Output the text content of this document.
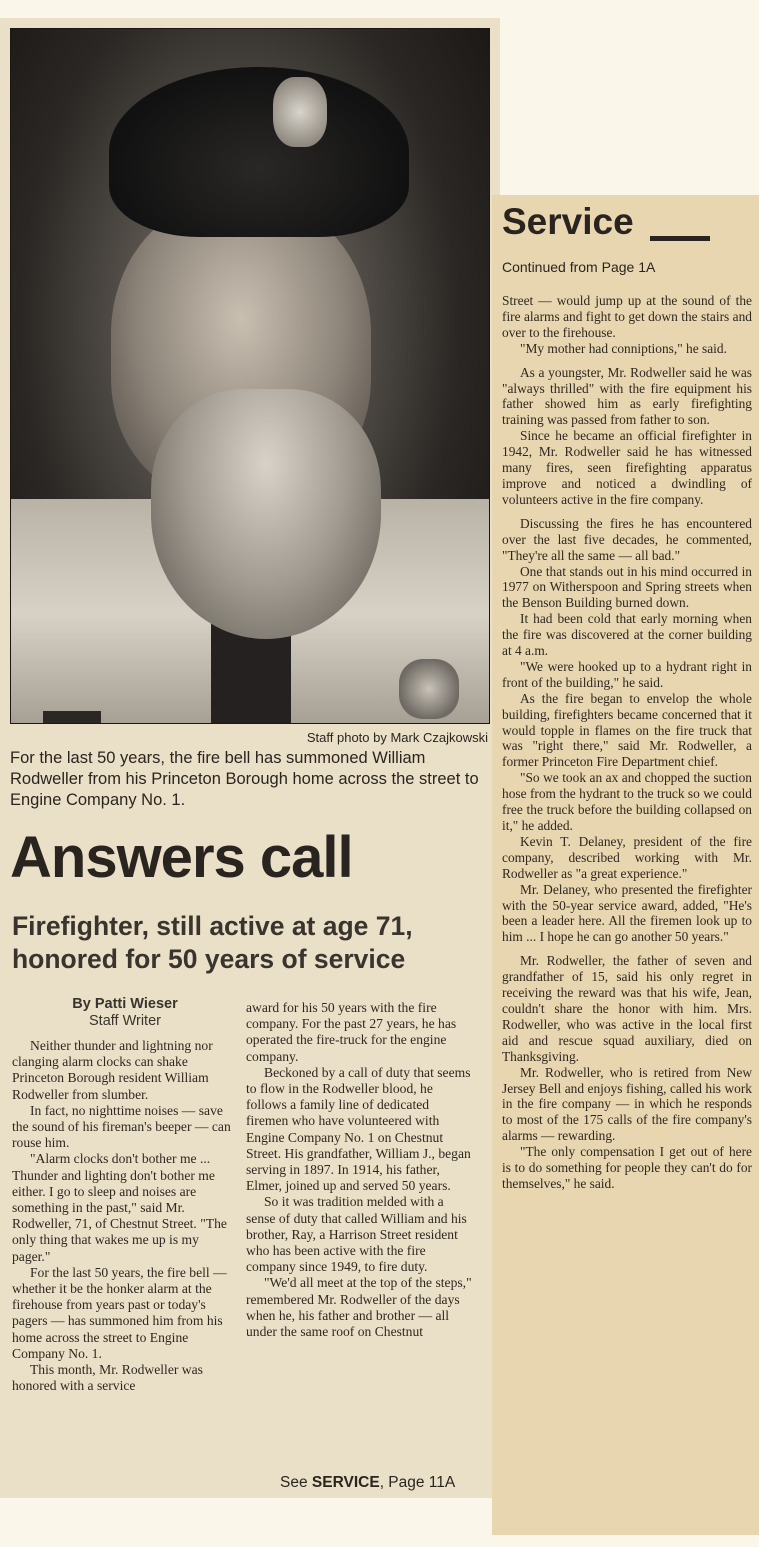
Staff photo by Mark Czajkowski
For the last 50 years, the fire bell has summoned William Rodweller from his Princeton Borough home across the street to Engine Company No. 1.
Answers call
Firefighter, still active at age 71, honored for 50 years of service
By Patti Wieser
Staff Writer

Neither thunder and lightning nor clanging alarm clocks can shake Princeton Borough resident William Rodweller from slumber.

In fact, no nighttime noises — save the sound of his fireman's beeper — can rouse him.

"Alarm clocks don't bother me ... Thunder and lighting don't bother me either. I go to sleep and noises are something in the past," said Mr. Rodweller, 71, of Chestnut Street. "The only thing that wakes me up is my pager."

For the last 50 years, the fire bell — whether it be the honker alarm at the firehouse from years past or today's pagers — has summoned him from his home across the street to Engine Company No. 1.

This month, Mr. Rodweller was honored with a service

award for his 50 years with the fire company. For the past 27 years, he has operated the fire-truck for the engine company.

Beckoned by a call of duty that seems to flow in the Rodweller blood, he follows a family line of dedicated firemen who have volunteered with Engine Company No. 1 on Chestnut Street. His grandfather, William J., began serving in 1897. In 1914, his father, Elmer, joined up and served 50 years.

So it was tradition melded with a sense of duty that called William and his brother, Ray, a Harrison Street resident who has been active with the fire company since 1949, to fire duty.

"We'd all meet at the top of the steps," remembered Mr. Rodweller of the days when he, his father and brother — all under the same roof on Chestnut

See SERVICE, Page 11A
Service
Continued from Page 1A

Street — would jump up at the sound of the fire alarms and fight to get down the stairs and over to the firehouse.

"My mother had conniptions," he said.

As a youngster, Mr. Rodweller said he was "always thrilled" with the fire equipment his father showed him as early firefighting training was passed from father to son.

Since he became an official firefighter in 1942, Mr. Rodweller said he has witnessed many fires, seen firefighting apparatus improve and noticed a dwindling of volunteers active in the fire company.

Discussing the fires he has encountered over the last five decades, he commented, "They're all the same — all bad."

One that stands out in his mind occurred in 1977 on Witherspoon and Spring streets when the Benson Building burned down.

It had been cold that early morning when the fire was discovered at the corner building at 4 a.m.

"We were hooked up to a hydrant right in front of the building," he said.

As the fire began to envelop the whole building, firefighters became concerned that it would topple in flames on the fire truck that was "right there," said Mr. Rodweller, a former Princeton Fire Department chief.

"So we took an ax and chopped the suction hose from the hydrant to the truck so we could free the truck before the building collapsed on it," he added.

Kevin T. Delaney, president of the fire company, described working with Mr. Rodweller as "a great experience."

Mr. Delaney, who presented the firefighter with the 50-year service award, added, "He's been a leader here. All the firemen look up to him ... I hope he can go another 50 years."

Mr. Rodweller, the father of seven and grandfather of 15, said his only regret in receiving the reward was that his wife, Jean, couldn't share the honor with him. Mrs. Rodweller, who was active in the local first aid and rescue squad auxiliary, died on Thanksgiving.

Mr. Rodweller, who is retired from New Jersey Bell and enjoys fishing, called his work in the fire company — in which he responds to most of the 175 calls of the fire company's alarms — rewarding.

"The only compensation I get out of here is to do something for people they can't do for themselves," he said.
